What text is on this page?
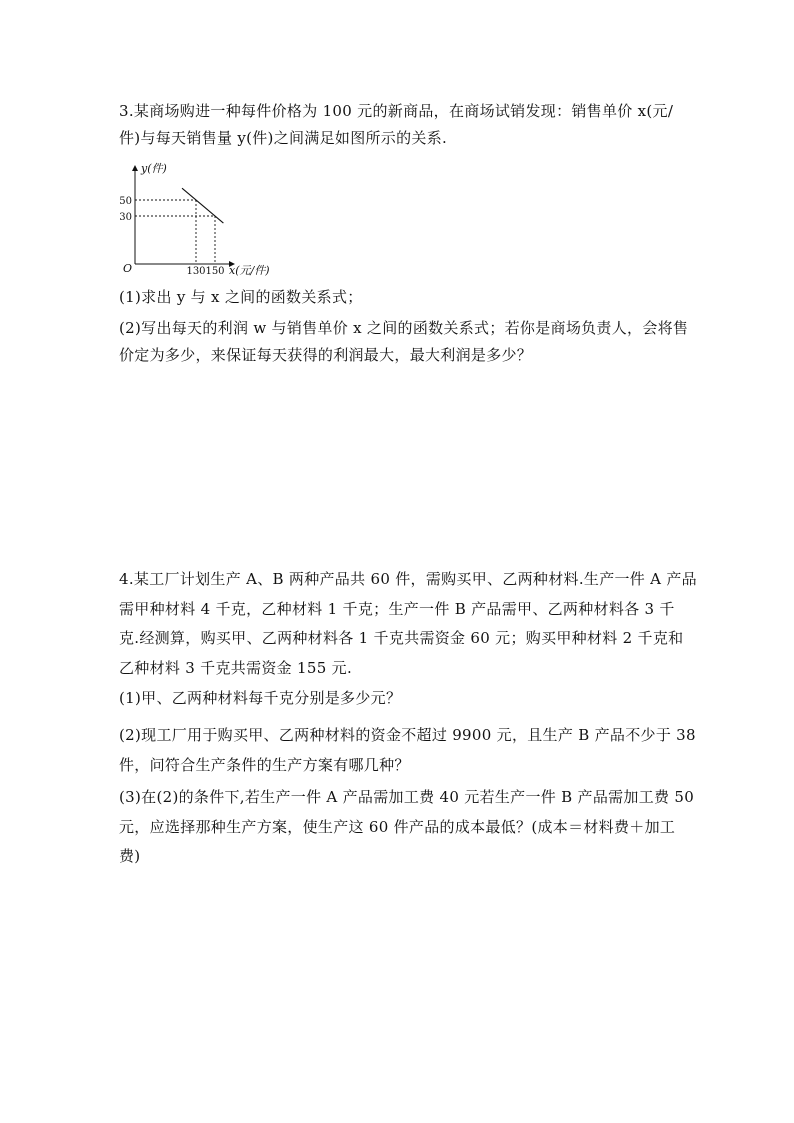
3.某商场购进一种每件价格为 100 元的新商品，在商场试销发现：销售单价 x(元/
件)与每天销售量 y(件)之间满足如图所示的关系.
y(件)
x(元/件)
O
50
30
130 150
(1)求出 y 与 x 之间的函数关系式；
(2)写出每天的利润 w 与销售单价 x 之间的函数关系式；若你是商场负责人，会将售
价定为多少，来保证每天获得的利润最大，最大利润是多少？
4.某工厂计划生产 A、B 两种产品共 60 件，需购买甲、乙两种材料.生产一件 A 产品
需甲种材料 4 千克，乙种材料 1 千克；生产一件 B 产品需甲、乙两种材料各 3 千
克.经测算，购买甲、乙两种材料各 1 千克共需资金 60 元；购买甲种材料 2 千克和
乙种材料 3 千克共需资金 155 元.
(1)甲、乙两种材料每千克分别是多少元？
(2)现工厂用于购买甲、乙两种材料的资金不超过 9900 元，且生产 B 产品不少于 38
件，问符合生产条件的生产方案有哪几种？
(3)在(2)的条件下,若生产一件 A 产品需加工费 40 元若生产一件 B 产品需加工费 50
元，应选择那种生产方案，使生产这 60 件产品的成本最低？(成本＝材料费＋加工
费)
